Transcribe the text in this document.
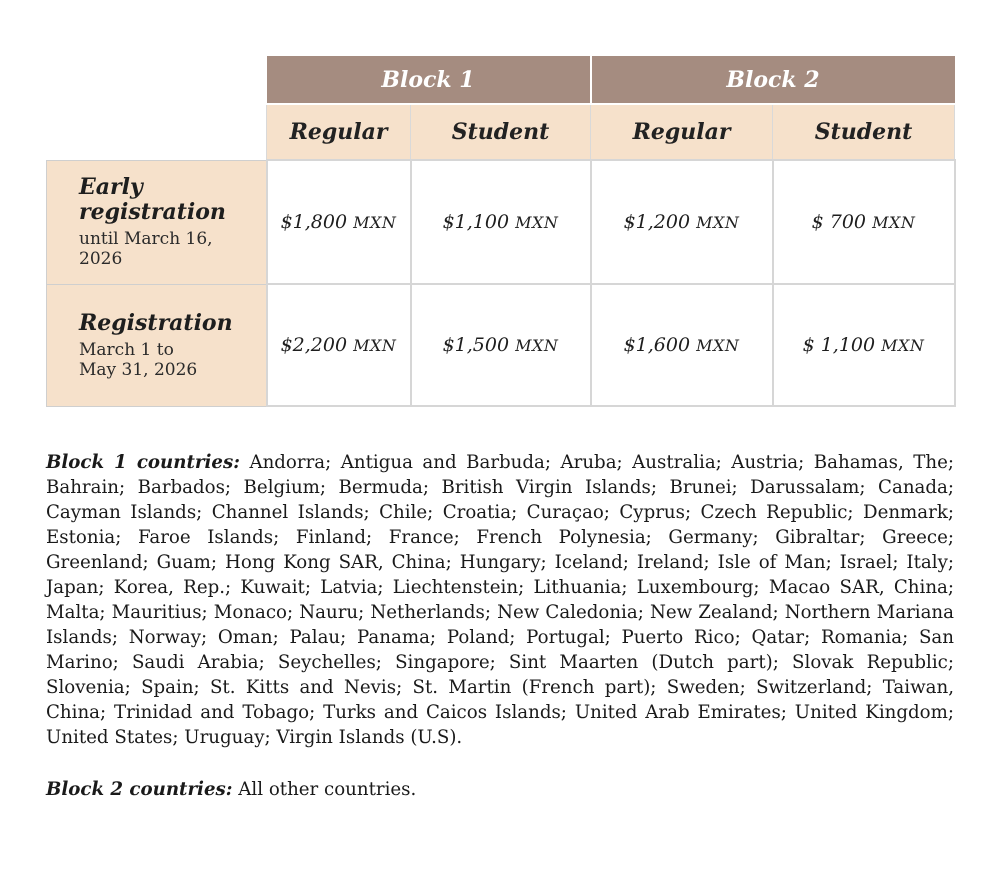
	Block 1		Block 2	
	Regular	Student	Regular	Student

Early registration
until March 16, 2026	$1,800 MXN	$1,100 MXN	$1,200 MXN	$ 700 MXN

Registration
March 1 to May 31, 2026	$2,200 MXN	$1,500 MXN	$1,600 MXN	$ 1,100 MXN

Block 1 countries: Andorra; Antigua and Barbuda; Aruba; Australia; Austria; Bahamas, The; Bahrain; Barbados; Belgium; Bermuda; British Virgin Islands; Brunei; Darussalam; Canada; Cayman Islands; Channel Islands; Chile; Croatia; Curaçao; Cyprus; Czech Republic; Denmark; Estonia; Faroe Islands; Finland; France; French Polynesia; Germany; Gibraltar; Greece; Greenland; Guam; Hong Kong SAR, China; Hungary; Iceland; Ireland; Isle of Man; Israel; Italy; Japan; Korea, Rep.; Kuwait; Latvia; Liechtenstein; Lithuania; Luxembourg; Macao SAR, China; Malta; Mauritius; Monaco; Nauru; Netherlands; New Caledonia; New Zealand; Northern Mariana Islands; Norway; Oman; Palau; Panama; Poland; Portugal; Puerto Rico; Qatar; Romania; San Marino; Saudi Arabia; Seychelles; Singapore; Sint Maarten (Dutch part); Slovak Republic; Slovenia; Spain; St. Kitts and Nevis; St. Martin (French part); Sweden; Switzerland; Taiwan, China; Trinidad and Tobago; Turks and Caicos Islands; United Arab Emirates; United Kingdom; United States; Uruguay; Virgin Islands (U.S).

Block 2 countries: All other countries.
